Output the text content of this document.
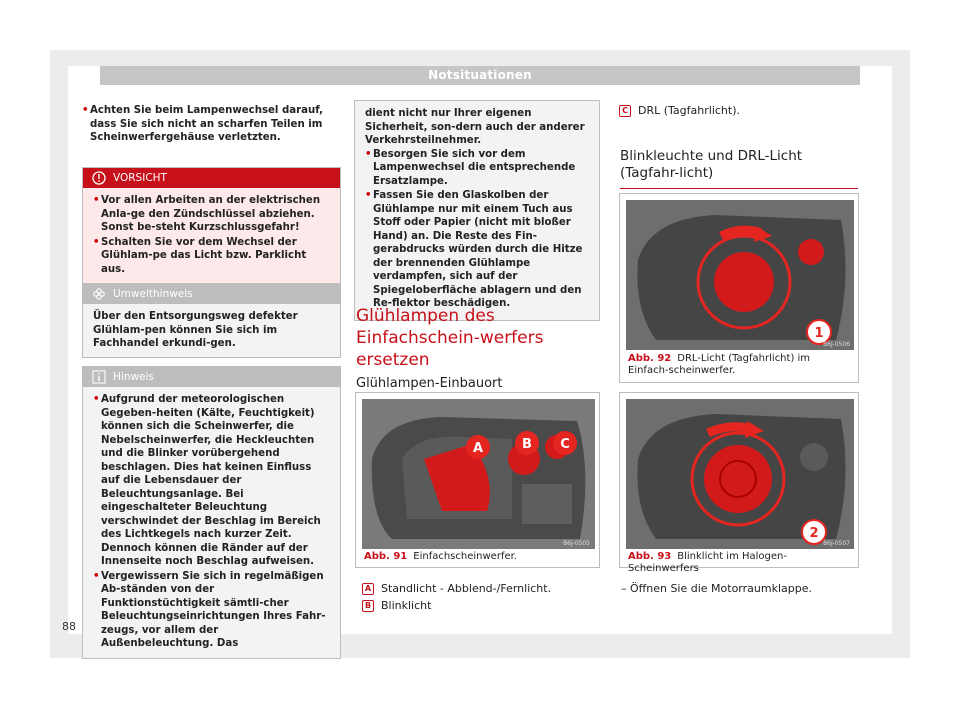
Notsituationen
• Achten Sie beim Lampenwechsel darauf, dass Sie sich nicht an scharfen Teilen im Scheinwerfergehäuse verletzten.
VORSICHT
• Vor allen Arbeiten an der elektrischen Anla-ge den Zündschlüssel abziehen. Sonst be-steht Kurzschlussgefahr!
• Schalten Sie vor dem Wechsel der Glühlam-pe das Licht bzw. Parklicht aus.
Umwelthinweis
Über den Entsorgungsweg defekter Glühlam-pen können Sie sich im Fachhandel erkundi-gen.
Hinweis
• Aufgrund der meteorologischen Gegeben-heiten (Kälte, Feuchtigkeit) können sich die Scheinwerfer, die Nebelscheinwerfer, die Heckleuchten und die Blinker vorübergehend beschlagen. Dies hat keinen Einfluss auf die Lebensdauer der Beleuchtungsanlage. Bei eingeschalteter Beleuchtung verschwindet der Beschlag im Bereich des Lichtkegels nach kurzer Zeit. Dennoch können die Ränder auf der Innenseite noch Beschlag aufweisen.
• Vergewissern Sie sich in regelmäßigen Ab-ständen von der Funktionstüchtigkeit sämtli-cher Beleuchtungseinrichtungen Ihres Fahr-zeugs, vor allem der Außenbeleuchtung. Das
dient nicht nur Ihrer eigenen Sicherheit, son-dern auch der anderer Verkehrsteilnehmer.
• Besorgen Sie sich vor dem Lampenwechsel die entsprechende Ersatzlampe.
• Fassen Sie den Glaskolben der Glühlampe nur mit einem Tuch aus Stoff oder Papier (nicht mit bloßer Hand) an. Die Reste des Fin-gerabdrucks würden durch die Hitze der brennenden Glühlampe verdampfen, sich auf der Spiegeloberfläche ablagern und den Re-flektor beschädigen.
Glühlampen des Einfachschein-werfers ersetzen
Glühlampen-Einbauort
A	B C
B6J-0505
Abb. 91 Einfachscheinwerfer.
A Standlicht - Abblend-/Fernlicht.
B Blinklicht
C DRL (Tagfahrlicht).
Blinkleuchte und DRL-Licht (Tagfahr-licht)
1
B6J-0506
Abb. 92 DRL-Licht (Tagfahrlicht) im Einfach-scheinwerfer.
2
B6J-0507
Abb. 93 Blinklicht im Halogen-Scheinwerfers
– Öffnen Sie die Motorraumklappe.
88
